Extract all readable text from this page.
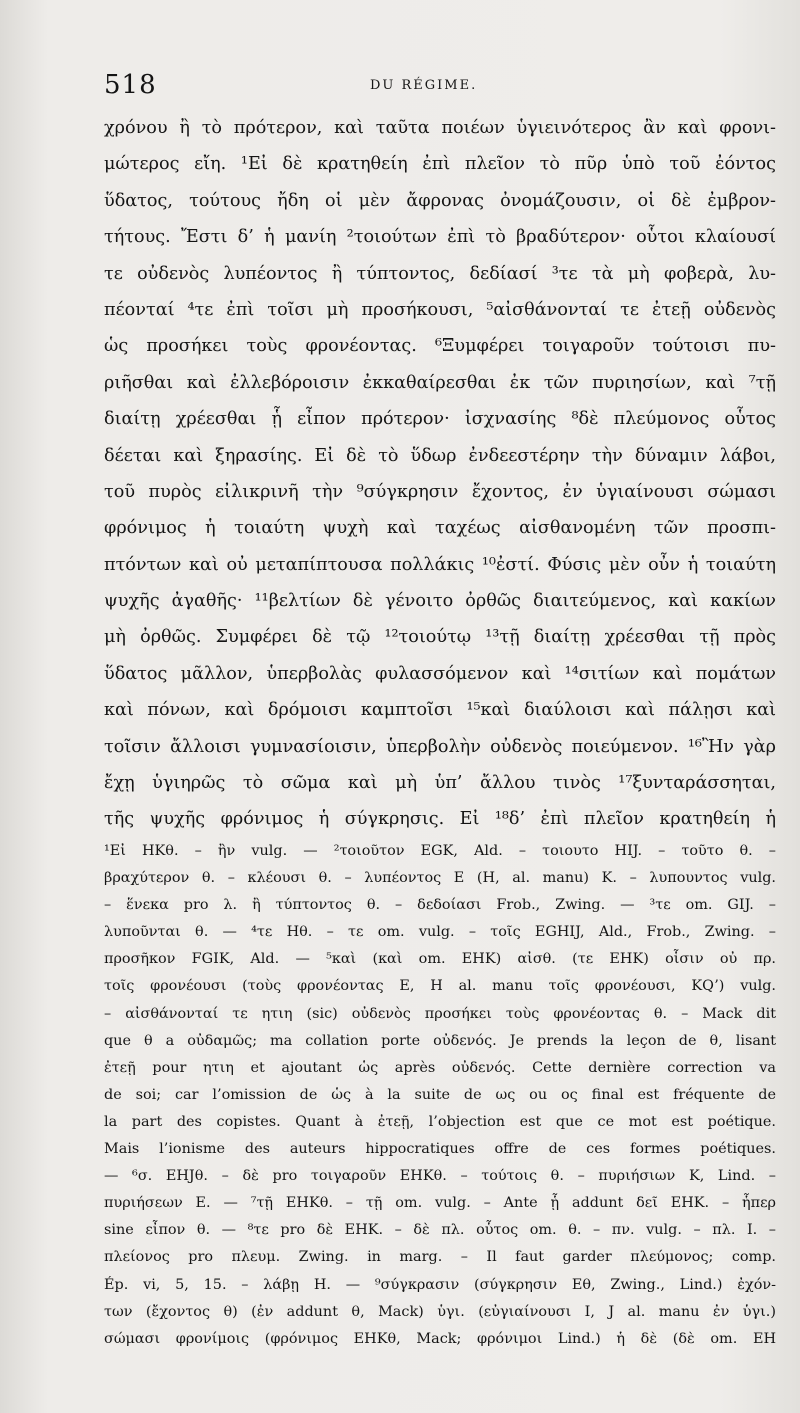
518	DU RÉGIME.
χρόνου ἢ τὸ πρότερον, καὶ ταῦτα ποιέων ὑγιεινότερος ἂν καὶ φρονι-
μώτερος εἴη. ¹Εἰ δὲ κρατηθείη ἐπὶ πλεῖον τὸ πῦρ ὑπὸ τοῦ ἐόντος
ὕδατος, τούτους ἤδη οἱ μὲν ἄφρονας ὀνομάζουσιν, οἱ δὲ ἐμβρον-
τήτους. Ἔστι δ’ ἡ μανίη ²τοιούτων ἐπὶ τὸ βραδύτερον· οὗτοι κλαίουσί
τε οὐδενὸς λυπέοντος ἢ τύπτοντος, δεδίασί ³τε τὰ μὴ φοβερὰ, λυ-
πέονταί ⁴τε ἐπὶ τοῖσι μὴ προσήκουσι, ⁵αἰσθάνονταί τε ἐτεῇ οὐδενὸς
ὡς προσήκει τοὺς φρονέοντας. ⁶Ξυμφέρει τοιγαροῦν τούτοισι πυ-
ριῆσθαι καὶ ἐλλεβόροισιν ἐκκαθαίρεσθαι ἐκ τῶν πυριησίων, καὶ ⁷τῇ
διαίτῃ χρέεσθαι ᾗ εἶπον πρότερον· ἰσχνασίης ⁸δὲ πλεύμονος οὗτος
δέεται καὶ ξηρασίης. Εἰ δὲ τὸ ὕδωρ ἐνδεεστέρην τὴν δύναμιν λάβοι,
τοῦ πυρὸς εἰλικρινῆ τὴν ⁹σύγκρησιν ἔχοντος, ἐν ὑγιαίνουσι σώμασι
φρόνιμος ἡ τοιαύτη ψυχὴ καὶ ταχέως αἰσθανομένη τῶν προσπι-
πτόντων καὶ οὐ μεταπίπτουσα πολλάκις ¹⁰ἐστί. Φύσις μὲν οὖν ἡ τοιαύτη
ψυχῆς ἀγαθῆς· ¹¹βελτίων δὲ γένοιτο ὀρθῶς διαιτεύμενος, καὶ κακίων
μὴ ὀρθῶς. Συμφέρει δὲ τῷ ¹²τοιούτῳ ¹³τῇ διαίτῃ χρέεσθαι τῇ πρὸς
ὕδατος μᾶλλον, ὑπερβολὰς φυλασσόμενον καὶ ¹⁴σιτίων καὶ πομάτων
καὶ πόνων, καὶ δρόμοισι καμπτοῖσι ¹⁵καὶ διαύλοισι καὶ πάλῃσι καὶ
τοῖσιν ἄλλοισι γυμνασίοισιν, ὑπερβολὴν οὐδενὸς ποιεύμενον. ¹⁶Ἢν γὰρ
ἔχῃ ὑγιηρῶς τὸ σῶμα καὶ μὴ ὑπ’ ἄλλου τινὸς ¹⁷ξυνταράσσηται,
τῆς ψυχῆς φρόνιμος ἡ σύγκρησις. Εἰ ¹⁸δ’ ἐπὶ πλεῖον κρατηθείη ἡ
¹Εἰ HKθ. – ἢν vulg. — ²τοιοῦτον EGK, Ald. – τοιουτο HIJ. – τοῦτο θ. –
βραχύτερον θ. – κλέουσι θ. – λυπέοντος E (H, al. manu) K. – λυπουντος vulg.
– ἕνεκα pro λ. ἢ τύπτοντος θ. – δεδοίασι Frob., Zwing. — ³τε om. GIJ. –
λυποῦνται θ. — ⁴τε Hθ. – τε om. vulg. – τοῖς EGHIJ, Ald., Frob., Zwing. –
προσῆκον FGIK, Ald. — ⁵καὶ (καὶ om. EHK) αἰσθ. (τε EHK) οἷσιν οὐ πρ.
τοῖς φρονέουσι (τοὺς φρονέοντας E, H al. manu τοῖς φρονέουσι, KQ’) vulg.
– αἰσθάνονταί τε ητιη (sic) οὐδενὸς προσήκει τοὺς φρονέοντας θ. – Mack dit
que θ a οὐδαμῶς; ma collation porte οὐδενός. Je prends la leçon de θ, lisant
ἐτεῇ pour ητιη et ajoutant ὡς après οὐδενός. Cette dernière correction va
de soi; car l’omission de ὡς à la suite de ως ou ος final est fréquente de
la part des copistes. Quant à ἐτεῇ, l’objection est que ce mot est poétique.
Mais l’ionisme des auteurs hippocratiques offre de ces formes poétiques.
— ⁶σ. EHJθ. – δὲ pro τοιγαροῦν EHKθ. – τούτοις θ. – πυριήσιων K, Lind. –
πυριήσεων E. — ⁷τῇ EHKθ. – τῇ om. vulg. – Ante ᾗ addunt δεῖ EHK. – ἧπερ
sine εἶπον θ. — ⁸τε pro δὲ EHK. – δὲ πλ. οὗτος om. θ. – πν. vulg. – πλ. I. –
πλείονος pro πλευμ. Zwing. in marg. – Il faut garder πλεύμονος; comp.
Ép. vi, 5, 15. – λάβῃ H. — ⁹σύγκρασιν (σύγκρησιν Eθ, Zwing., Lind.) ἐχόν-
των (ἔχοντος θ) (ἐν addunt θ, Mack) ὑγι. (εὐγιαίνουσι I, J al. manu ἐν ὑγι.)
σώμασι φρονίμοις (φρόνιμος EHKθ, Mack; φρόνιμοι Lind.) ἡ δὲ (δὲ om. EH
